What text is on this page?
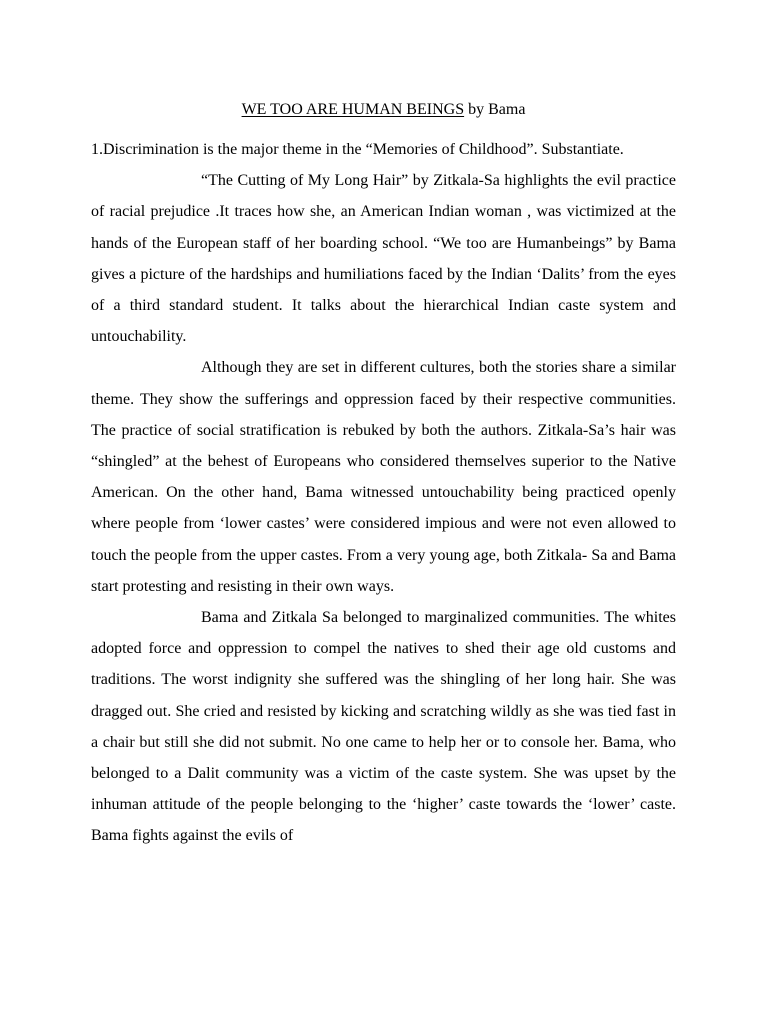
WE TOO ARE HUMAN BEINGS by Bama

1.Discrimination is the major theme in the “Memories of Childhood”. Substantiate.

“The Cutting of My Long Hair” by Zitkala-Sa highlights the evil practice of racial prejudice .It traces how she, an American Indian woman , was victimized at the hands of the European staff of her boarding school. “We too are Humanbeings” by Bama gives a picture of the hardships and humiliations faced by the Indian ‘Dalits’ from the eyes of a third standard student. It talks about the hierarchical Indian caste system and untouchability.

Although they are set in different cultures, both the stories share a similar theme. They show the sufferings and oppression faced by their respective communities. The practice of social stratification is rebuked by both the authors. Zitkala-Sa’s hair was “shingled” at the behest of Europeans who considered themselves superior to the Native American. On the other hand, Bama witnessed untouchability being practiced openly where people from ‘lower castes’ were considered impious and were not even allowed to touch the people from the upper castes. From a very young age, both Zitkala- Sa and Bama start protesting and resisting in their own ways.

Bama and Zitkala Sa belonged to marginalized communities. The whites adopted force and oppression to compel the natives to shed their age old customs and traditions. The worst indignity she suffered was the shingling of her long hair. She was dragged out. She cried and resisted by kicking and scratching wildly as she was tied fast in a chair but still she did not submit. No one came to help her or to console her. Bama, who belonged to a Dalit community was a victim of the caste system. She was upset by the inhuman attitude of the people belonging to the ‘higher’ caste towards the ‘lower’ caste. Bama fights against the evils of
